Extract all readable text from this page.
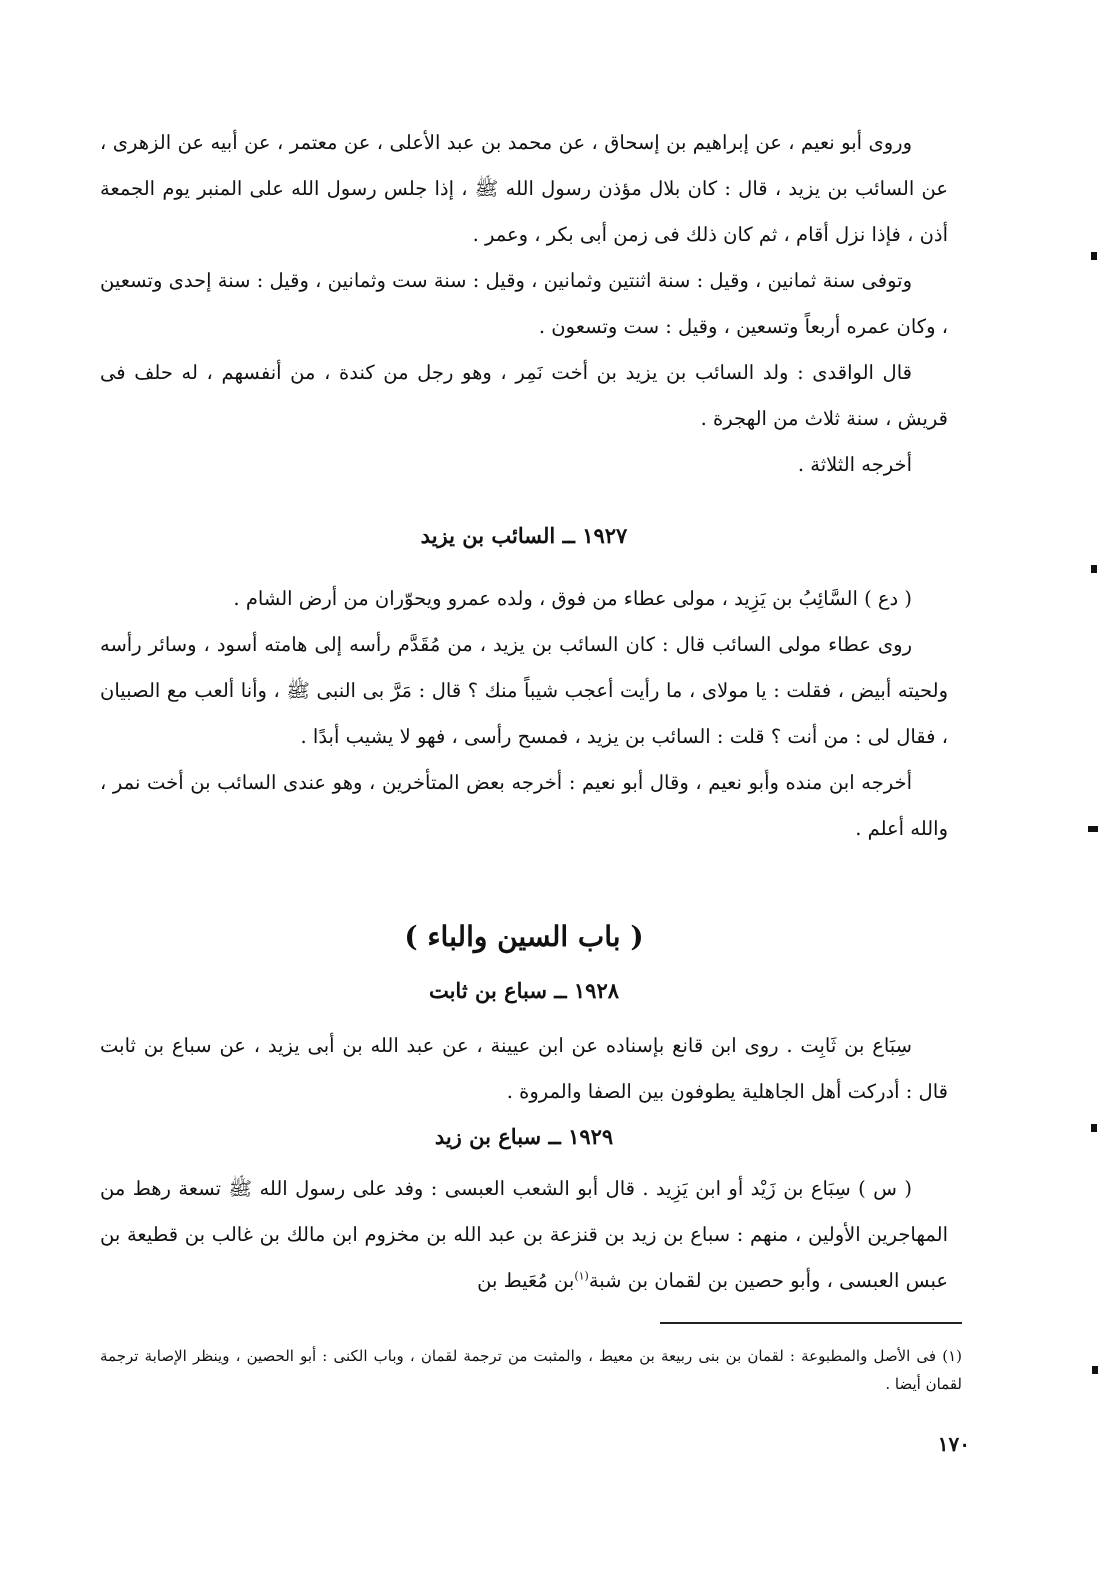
وروى أبو نعيم ، عن إبراهيم بن إسحاق ، عن محمد بن عبد الأعلى ، عن معتمر ، عن أبيه عن الزهرى ، عن السائب بن يزيد ، قال : كان بلال مؤذن رسول الله ﷺ ، إذا جلس رسول الله على المنبر يوم الجمعة أذن ، فإذا نزل أقام ، ثم كان ذلك فى زمن أبى بكر ، وعمر .

وتوفى سنة ثمانين ، وقيل : سنة اثنتين وثمانين ، وقيل : سنة ست وثمانين ، وقيل : سنة إحدى وتسعين ، وكان عمره أربعاً وتسعين ، وقيل : ست وتسعون .

قال الواقدى : ولد السائب بن يزيد بن أخت نَمِر ، وهو رجل من كندة ، من أنفسهم ، له حلف فى قريش ، سنة ثلاث من الهجرة .

أخرجه الثلاثة .

١٩٢٧ ــ السائب بن يزيد

( دع ) السَّائِبُ بن يَزِيد ، مولى عطاء من فوق ، ولده عمرو ويحوّران من أرض الشام .

روى عطاء مولى السائب قال : كان السائب بن يزيد ، من مُقَدَّم رأسه إلى هامته أسود ، وسائر رأسه ولحيته أبيض ، فقلت : يا مولاى ، ما رأيت أعجب شيباً منك ؟ قال : مَرَّ بى النبى ﷺ ، وأنا ألعب مع الصبيان ، فقال لى : من أنت ؟ قلت : السائب بن يزيد ، فمسح رأسى ، فهو لا يشيب أبدًا .

أخرجه ابن منده وأبو نعيم ، وقال أبو نعيم : أخرجه بعض المتأخرين ، وهو عندى السائب بن أخت نمر ، والله أعلم .

( باب السين والباء )
١٩٢٨ ــ سباع بن ثابت

سِبَاع بن ثَابِت . روى ابن قانع بإسناده عن ابن عيينة ، عن عبد الله بن أبى يزيد ، عن سباع بن ثابت قال : أدركت أهل الجاهلية يطوفون بين الصفا والمروة .

١٩٢٩ ــ سباع بن زيد

( س ) سِبَاع بن زَيْد أو ابن يَزِيد . قال أبو الشعب العبسى : وفد على رسول الله ﷺ تسعة رهط من المهاجرين الأولين ، منهم : سباع بن زيد بن قنزعة بن عبد الله بن مخزوم ابن مالك بن غالب بن قطيعة بن عبس العبسى ، وأبو حصين بن لقمان بن شبة$^{(١)}$بن مُعَيط بن

(١) فى الأصل والمطبوعة : لقمان بن بنى ربيعة بن معيط ، والمثبت من ترجمة لقمان ، وباب الكنى : أبو الحصين ، وينظر الإصابة ترجمة لقمان أيضا .
١٧٠
